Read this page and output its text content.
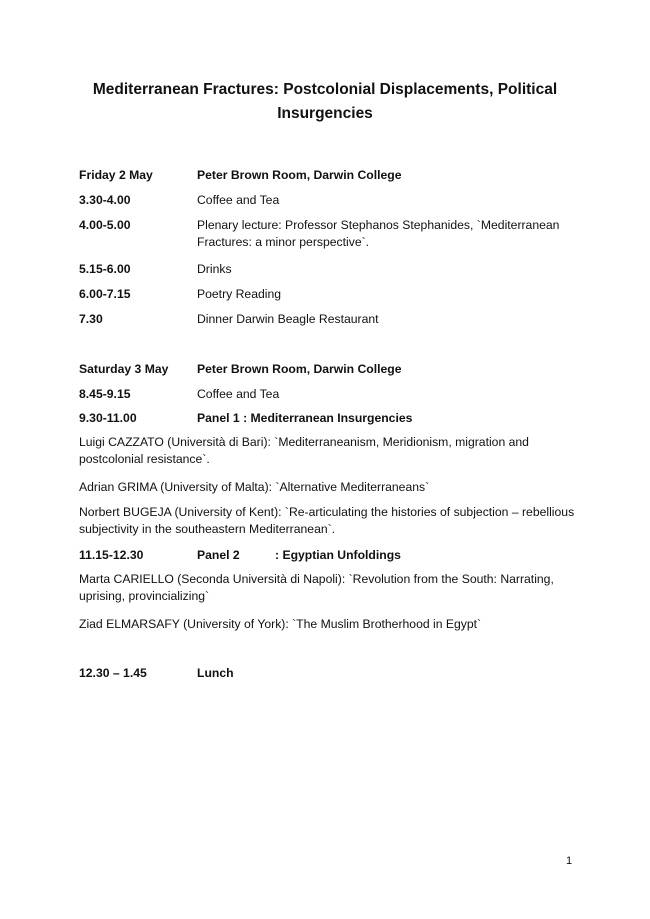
Mediterranean Fractures: Postcolonial Displacements, Political Insurgencies
Friday 2 May	Peter Brown Room, Darwin College
3.30-4.00	Coffee and Tea
4.00-5.00	Plenary lecture: Professor Stephanos Stephanides, `Mediterranean Fractures: a minor perspective`.
5.15-6.00	Drinks
6.00-7.15	Poetry Reading
7.30	Dinner Darwin Beagle Restaurant
Saturday 3 May	Peter Brown Room, Darwin College
8.45-9.15	Coffee and Tea
9.30-11.00	Panel 1 : Mediterranean Insurgencies
Luigi CAZZATO (Università di Bari): `Mediterraneanism, Meridionism, migration and postcolonial resistance`.
Adrian GRIMA (University of Malta): `Alternative Mediterraneans`
Norbert BUGEJA (University of Kent): `Re-articulating the histories of subjection – rebellious subjectivity in the southeastern Mediterranean`.
11.15-12.30	Panel 2	: Egyptian Unfoldings
Marta CARIELLO (Seconda Università di Napoli): `Revolution from the South: Narrating, uprising, provincializing`
Ziad ELMARSAFY (University of York): `The Muslim Brotherhood in Egypt`
12.30 – 1.45	Lunch
1
